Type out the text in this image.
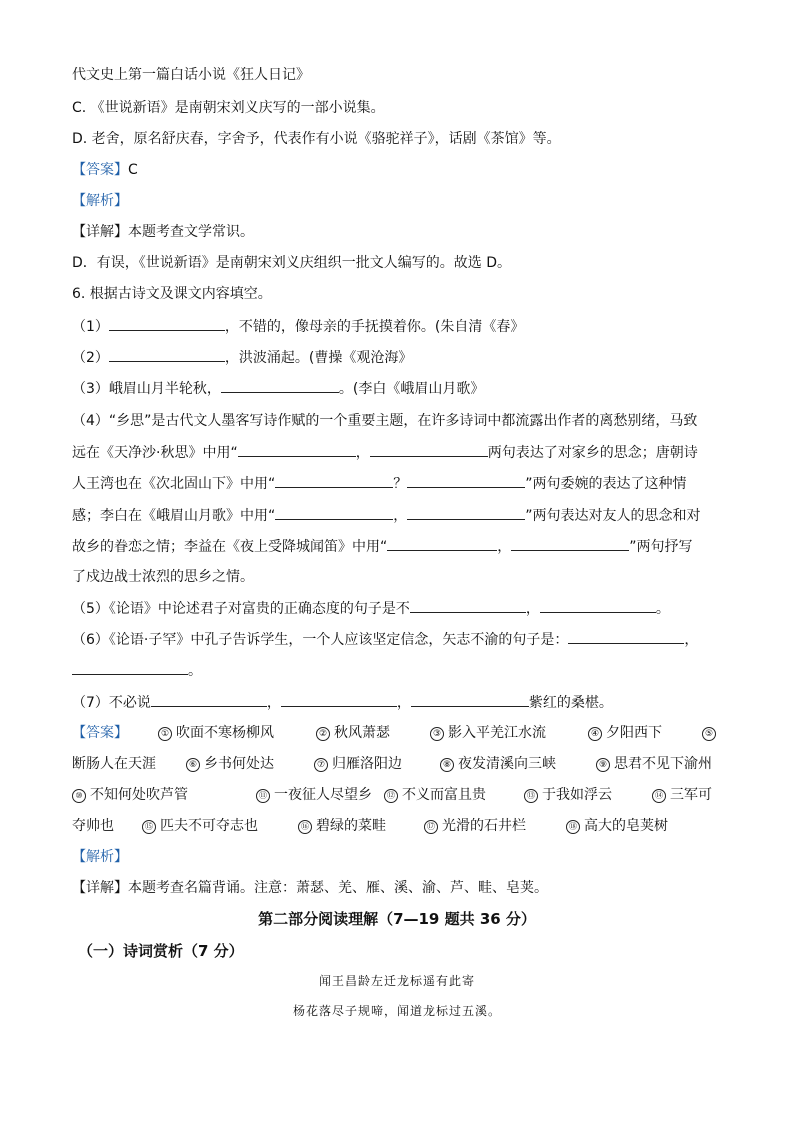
代文史上第一篇白话小说《狂人日记》
C. 《世说新语》是南朝宋刘义庆写的一部小说集。
D. 老舍，原名舒庆春，字舍予，代表作有小说《骆驼祥子》，话剧《茶馆》等。
【答案】C
【解析】
【详解】本题考查文学常识。
D．有误，《世说新语》是南朝宋刘义庆组织一批文人编写的。故选 D。
6. 根据古诗文及课文内容填空。
（1）	，不错的，像母亲的手抚摸着你。(朱自清《春》
（2）	，洪波涌起。(曹操《观沧海》
（3）峨眉山月半轮秋，	。(李白《峨眉山月歌》
（4）“乡思”是古代文人墨客写诗作赋的一个重要主题，在许多诗词中都流露出作者的离愁别绪，马致
远在《天净沙·秋思》中用“	，	两句表达了对家乡的思念；唐朝诗
人王湾也在《次北固山下》中用“	？	”两句委婉的表达了这种情
感；李白在《峨眉山月歌》中用“	，	”两句表达对友人的思念和对
故乡的眷恋之情；李益在《夜上受降城闻笛》中用“	，	”两句抒写
了戍边战士浓烈的思乡之情。
（5）《论语》中论述君子对富贵的正确态度的句子是不	，	。
（6）《论语·子罕》中孔子告诉学生，一个人应该坚定信念，矢志不渝的句子是：	，
。
（7）不必说	，	，	紫红的桑椹。
【答案】	① 吹面不寒杨柳风	② 秋风萧瑟	③ 影入平羌江水流	④ 夕阳西下	⑤
断肠人在天涯	⑥ 乡书何处达	⑦ 归雁洛阳边	⑧ 夜发清溪向三峡	⑨ 思君不见下渝州
⑩ 不知何处吹芦管	⑪ 一夜征人尽望乡	⑫ 不义而富且贵	⑬ 于我如浮云	⑭ 三军可
夺帅也	⑮ 匹夫不可夺志也	⑯ 碧绿的菜畦	⑰ 光滑的石井栏	⑱ 高大的皂荚树
【解析】
【详解】本题考查名篇背诵。注意：萧瑟、羌、雁、溪、渝、芦、畦、皂荚。
第二部分阅读理解（7—19 题共 36 分）
（一）诗词赏析（7 分）
闻王昌龄左迁龙标遥有此寄
杨花落尽子规啼，闻道龙标过五溪。
